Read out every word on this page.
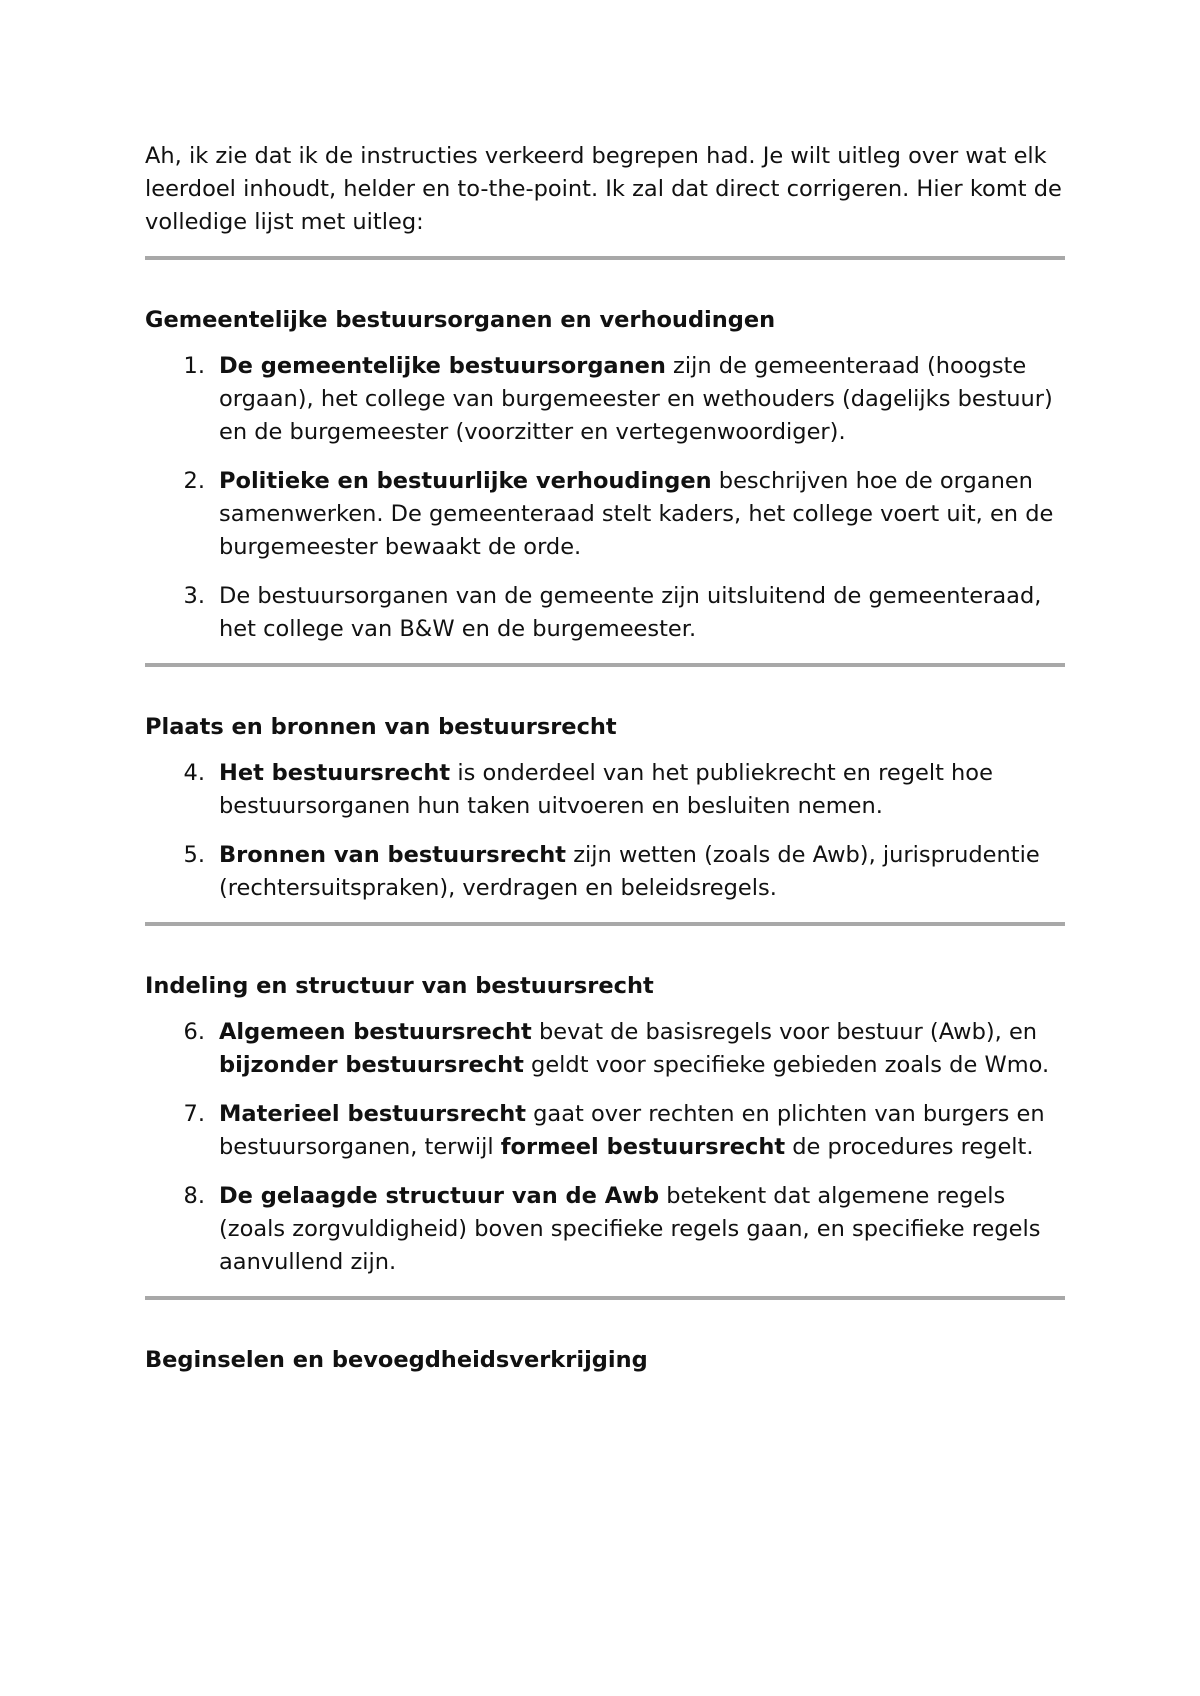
Ah, ik zie dat ik de instructies verkeerd begrepen had. Je wilt uitleg over wat elk leerdoel inhoudt, helder en to-the-point. Ik zal dat direct corrigeren. Hier komt de volledige lijst met uitleg:

Gemeentelijke bestuursorganen en verhoudingen
1. De gemeentelijke bestuursorganen zijn de gemeenteraad (hoogste orgaan), het college van burgemeester en wethouders (dagelijks bestuur) en de burgemeester (voorzitter en vertegenwoordiger).
2. Politieke en bestuurlijke verhoudingen beschrijven hoe de organen samenwerken. De gemeenteraad stelt kaders, het college voert uit, en de burgemeester bewaakt de orde.
3. De bestuursorganen van de gemeente zijn uitsluitend de gemeenteraad, het college van B&W en de burgemeester.
Plaats en bronnen van bestuursrecht
4. Het bestuursrecht is onderdeel van het publiekrecht en regelt hoe bestuursorganen hun taken uitvoeren en besluiten nemen.
5. Bronnen van bestuursrecht zijn wetten (zoals de Awb), jurisprudentie (rechtersuitspraken), verdragen en beleidsregels.
Indeling en structuur van bestuursrecht
6. Algemeen bestuursrecht bevat de basisregels voor bestuur (Awb), en bijzonder bestuursrecht geldt voor specifieke gebieden zoals de Wmo.
7. Materieel bestuursrecht gaat over rechten en plichten van burgers en bestuursorganen, terwijl formeel bestuursrecht de procedures regelt.
8. De gelaagde structuur van de Awb betekent dat algemene regels (zoals zorgvuldigheid) boven specifieke regels gaan, en specifieke regels aanvullend zijn.
Beginselen en bevoegdheidsverkrijging
